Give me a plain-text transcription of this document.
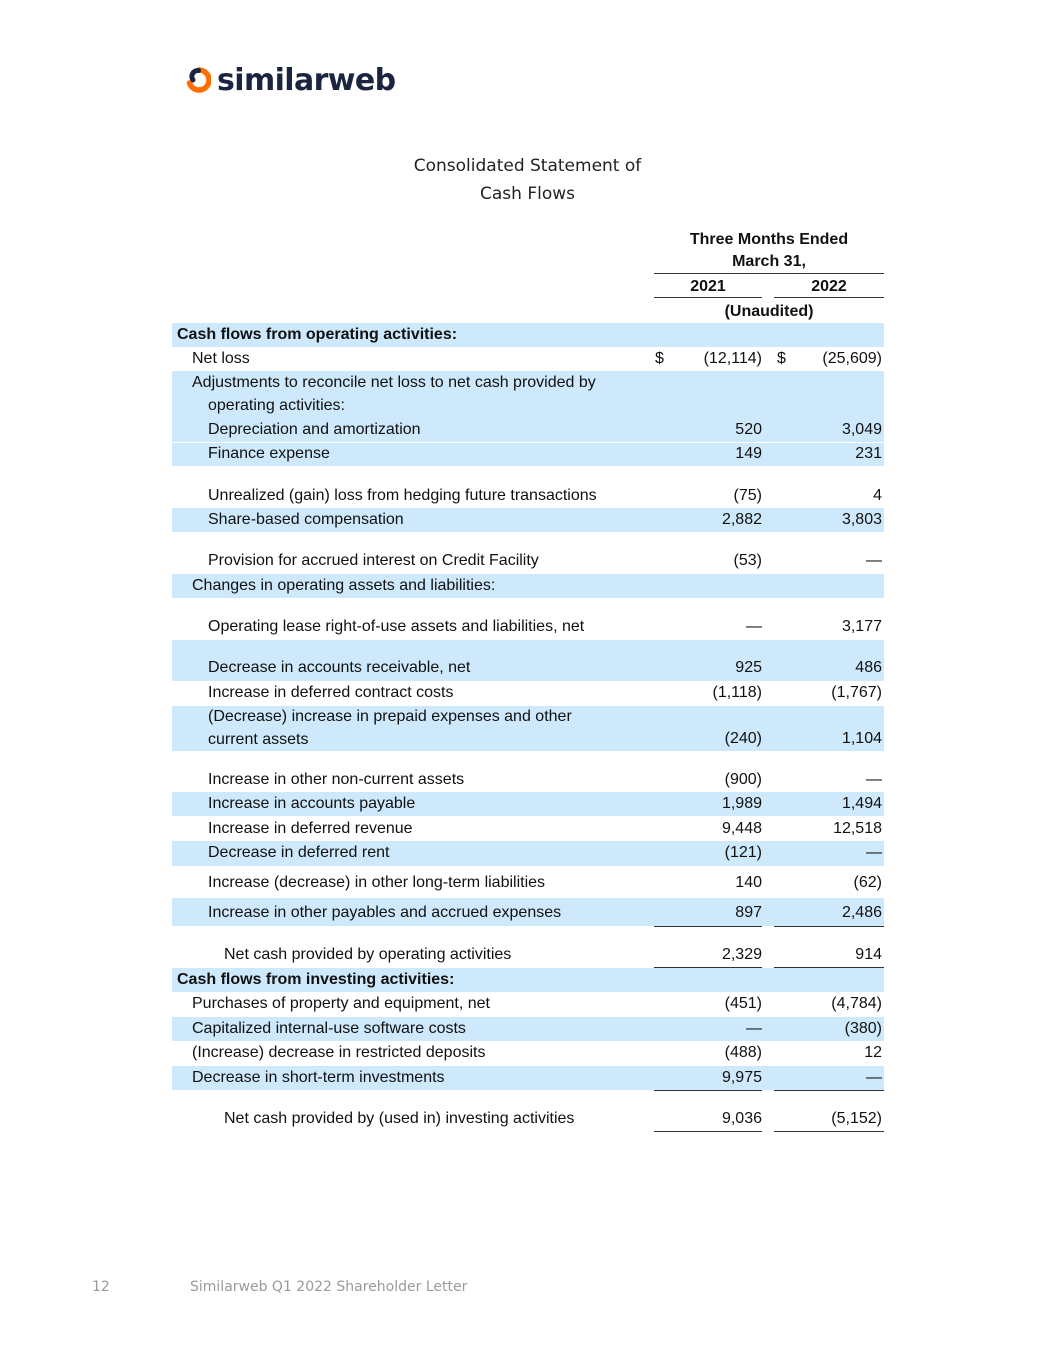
similarweb
Consolidated Statement of
Cash Flows
Three Months Ended
March 31,
2021	2022
(Unaudited)
Cash flows from operating activities:
Net loss	$ (12,114) $ (25,609)
Adjustments to reconcile net loss to net cash provided by
operating activities:
Depreciation and amortization	520	3,049
Finance expense	149	231
Unrealized (gain) loss from hedging future transactions	(75)	4
Share-based compensation	2,882	3,803
Provision for accrued interest on Credit Facility	(53)	—
Changes in operating assets and liabilities:
Operating lease right-of-use assets and liabilities, net	—	3,177
Decrease in accounts receivable, net	925	486
Increase in deferred contract costs	(1,118)	(1,767)
(Decrease) increase in prepaid expenses and other
current assets	(240)	1,104
Increase in other non-current assets	(900)	—
Increase in accounts payable	1,989	1,494
Increase in deferred revenue	9,448	12,518
Decrease in deferred rent	(121)	—
Increase (decrease) in other long-term liabilities	140	(62)
Increase in other payables and accrued expenses	897	2,486
Net cash provided by operating activities	2,329	914
Cash flows from investing activities:
Purchases of property and equipment, net	(451)	(4,784)
Capitalized internal-use software costs	—	(380)
(Increase) decrease in restricted deposits	(488)	12
Decrease in short-term investments	9,975	—
Net cash provided by (used in) investing activities	9,036	(5,152)
12	Similarweb Q1 2022 Shareholder Letter
